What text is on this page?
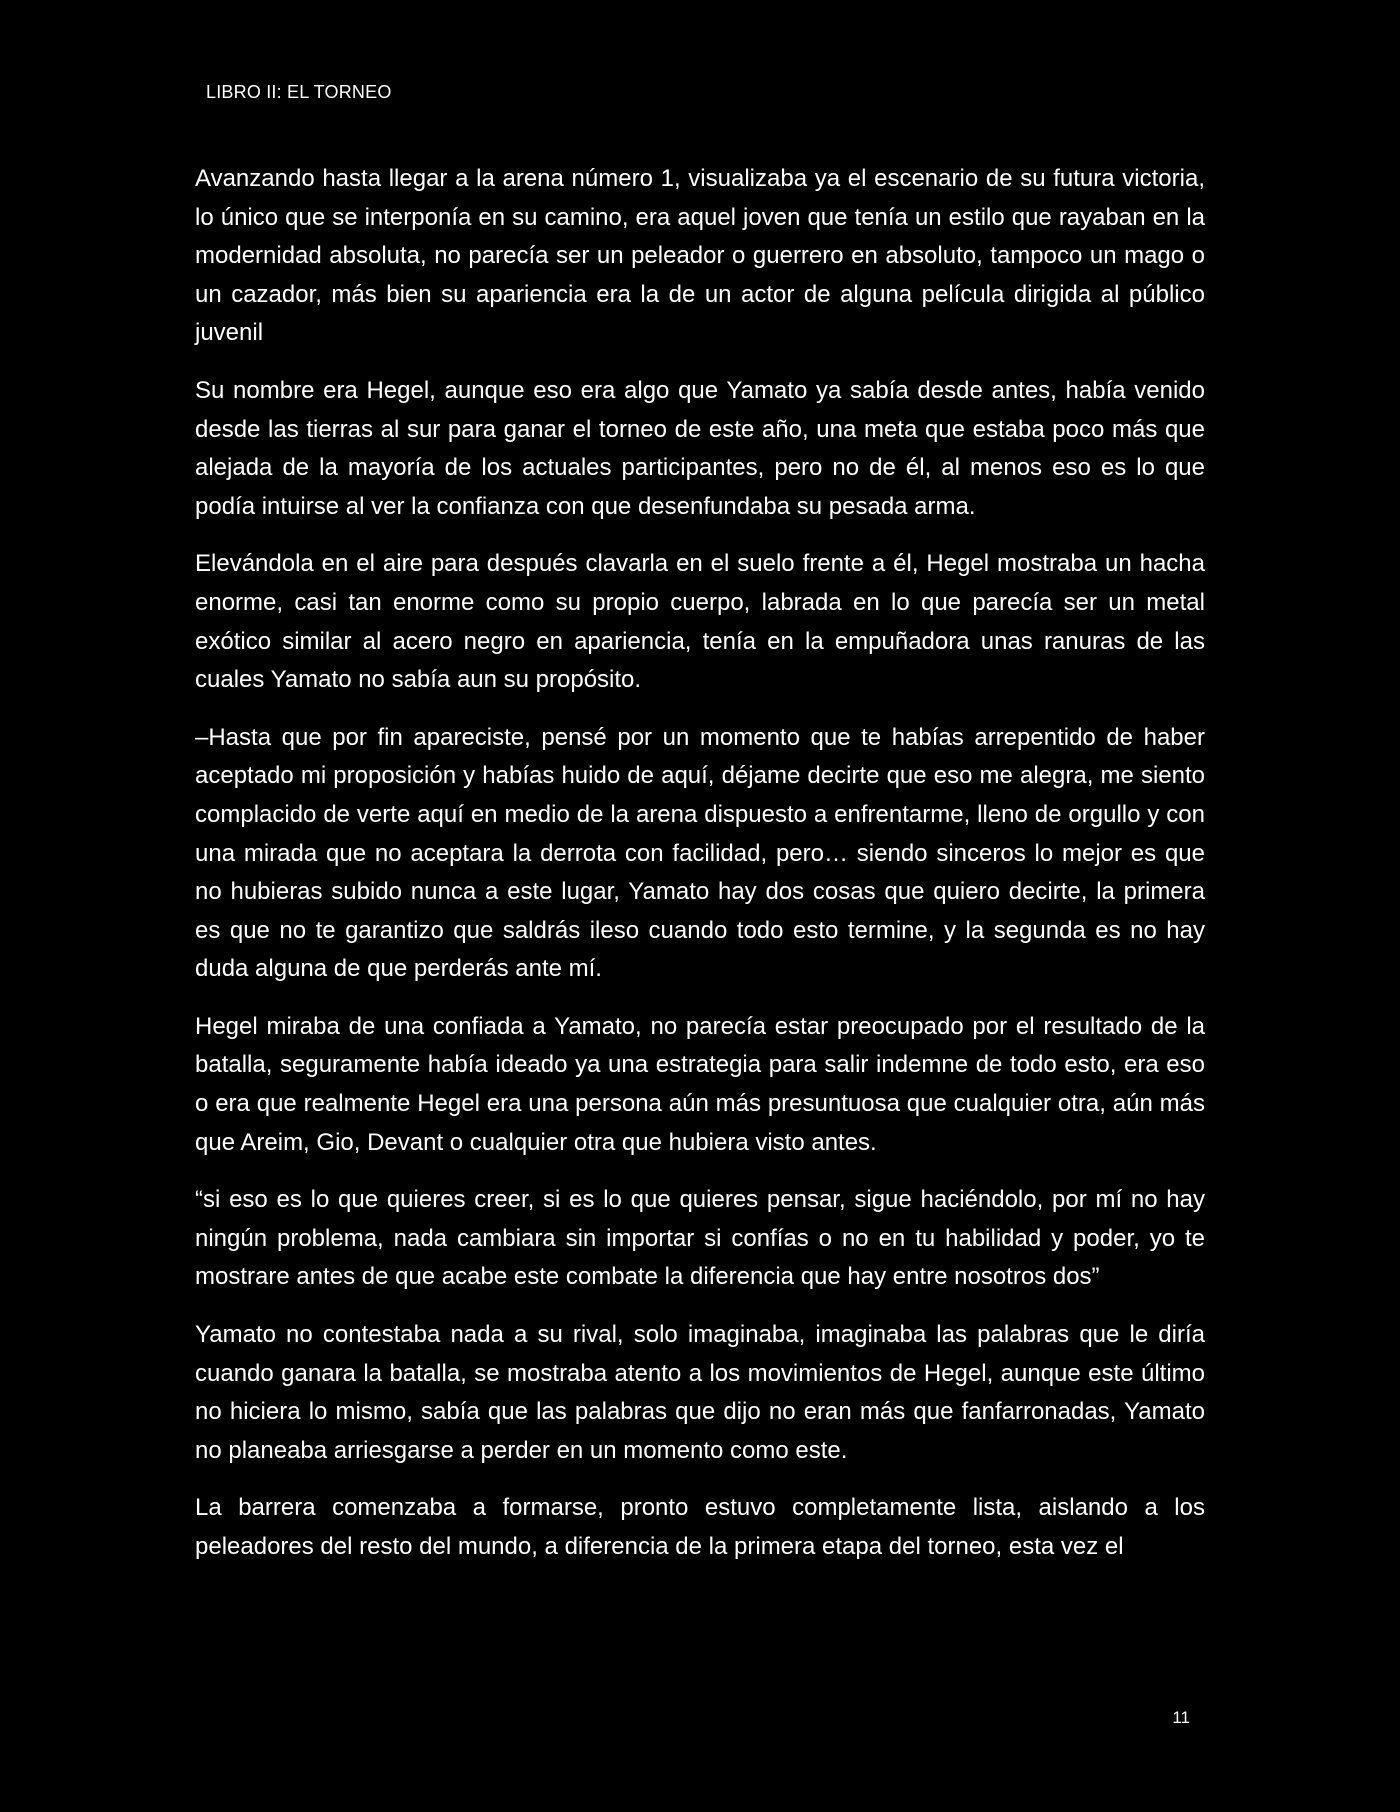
LIBRO II: EL TORNEO

Avanzando hasta llegar a la arena número 1, visualizaba ya el escenario de su futura victoria, lo único que se interponía en su camino, era aquel joven que tenía un estilo que rayaban en la modernidad absoluta, no parecía ser un peleador o guerrero en absoluto, tampoco un mago o un cazador, más bien su apariencia era la de un actor de alguna película dirigida al público juvenil

Su nombre era Hegel, aunque eso era algo que Yamato ya sabía desde antes, había venido desde las tierras al sur para ganar el torneo de este año, una meta que estaba poco más que alejada de la mayoría de los actuales participantes, pero no de él, al menos eso es lo que podía intuirse al ver la confianza con que desenfundaba su pesada arma.

Elevándola en el aire para después clavarla en el suelo frente a él, Hegel mostraba un hacha enorme, casi tan enorme como su propio cuerpo, labrada en lo que parecía ser un metal exótico similar al acero negro en apariencia, tenía en la empuñadora unas ranuras de las cuales Yamato no sabía aun su propósito.

–Hasta que por fin apareciste, pensé por un momento que te habías arrepentido de haber aceptado mi proposición y habías huido de aquí, déjame decirte que eso me alegra, me siento complacido de verte aquí en medio de la arena dispuesto a enfrentarme, lleno de orgullo y con una mirada que no aceptara la derrota con facilidad, pero… siendo sinceros lo mejor es que no hubieras subido nunca a este lugar, Yamato hay dos cosas que quiero decirte, la primera es que no te garantizo que saldrás ileso cuando todo esto termine, y la segunda es no hay duda alguna de que perderás ante mí.

Hegel miraba de una confiada a Yamato, no parecía estar preocupado por el resultado de la batalla, seguramente había ideado ya una estrategia para salir indemne de todo esto, era eso o era que realmente Hegel era una persona aún más presuntuosa que cualquier otra, aún más que Areim, Gio, Devant o cualquier otra que hubiera visto antes.

“si eso es lo que quieres creer, si es lo que quieres pensar, sigue haciéndolo, por mí no hay ningún problema, nada cambiara sin importar si confías o no en tu habilidad y poder, yo te mostrare antes de que acabe este combate la diferencia que hay entre nosotros dos”

Yamato no contestaba nada a su rival, solo imaginaba, imaginaba las palabras que le diría cuando ganara la batalla, se mostraba atento a los movimientos de Hegel, aunque este último no hiciera lo mismo, sabía que las palabras que dijo no eran más que fanfarronadas, Yamato no planeaba arriesgarse a perder en un momento como este.

La barrera comenzaba a formarse, pronto estuvo completamente lista, aislando a los peleadores del resto del mundo, a diferencia de la primera etapa del torneo, esta vez el

11
